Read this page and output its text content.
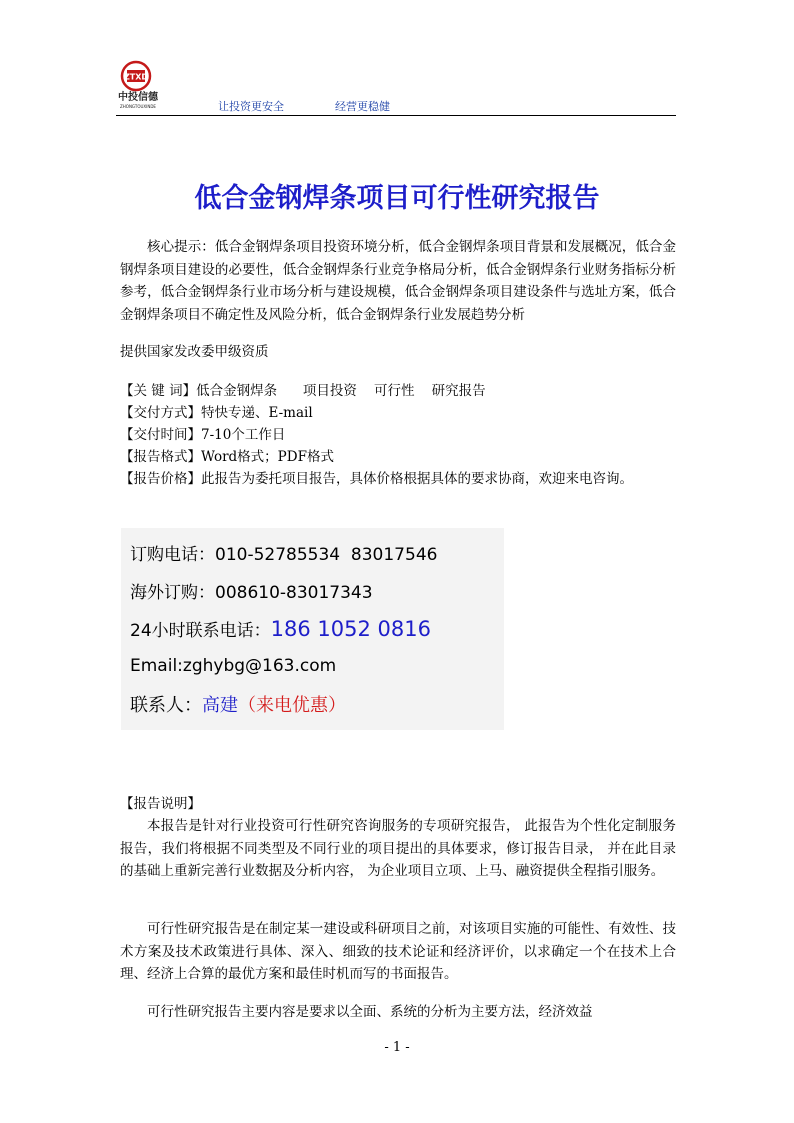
ZTXD
中投信德
ZHONGTOUXINDE	让投资更安全	经营更稳健
低合金钢焊条项目可行性研究报告
核心提示：低合金钢焊条项目投资环境分析，低合金钢焊条项目背景和发展概况，低合金钢焊条项目建设的必要性，低合金钢焊条行业竞争格局分析，低合金钢焊条行业财务指标分析参考，低合金钢焊条行业市场分析与建设规模，低合金钢焊条项目建设条件与选址方案，低合金钢焊条项目不确定性及风险分析，低合金钢焊条行业发展趋势分析
提供国家发改委甲级资质
【关 键 词】低合金钢焊条      项目投资    可行性    研究报告
【交付方式】特快专递、E-mail
【交付时间】7-10个工作日
【报告格式】Word格式；PDF格式
【报告价格】此报告为委托项目报告，具体价格根据具体的要求协商，欢迎来电咨询。
订购电话：010-52785534  83017546
海外订购：008610-83017343
24小时联系电话：186 1052 0816
Email:zghybg@163.com
联系人：高建（来电优惠）
【报告说明】
本报告是针对行业投资可行性研究咨询服务的专项研究报告， 此报告为个性化定制服务报告，我们将根据不同类型及不同行业的项目提出的具体要求，修订报告目录， 并在此目录的基础上重新完善行业数据及分析内容， 为企业项目立项、上马、融资提供全程指引服务。
可行性研究报告是在制定某一建设或科研项目之前，对该项目实施的可能性、有效性、技术方案及技术政策进行具体、深入、细致的技术论证和经济评价，以求确定一个在技术上合理、经济上合算的最优方案和最佳时机而写的书面报告。
可行性研究报告主要内容是要求以全面、系统的分析为主要方法，经济效益
- 1 -
